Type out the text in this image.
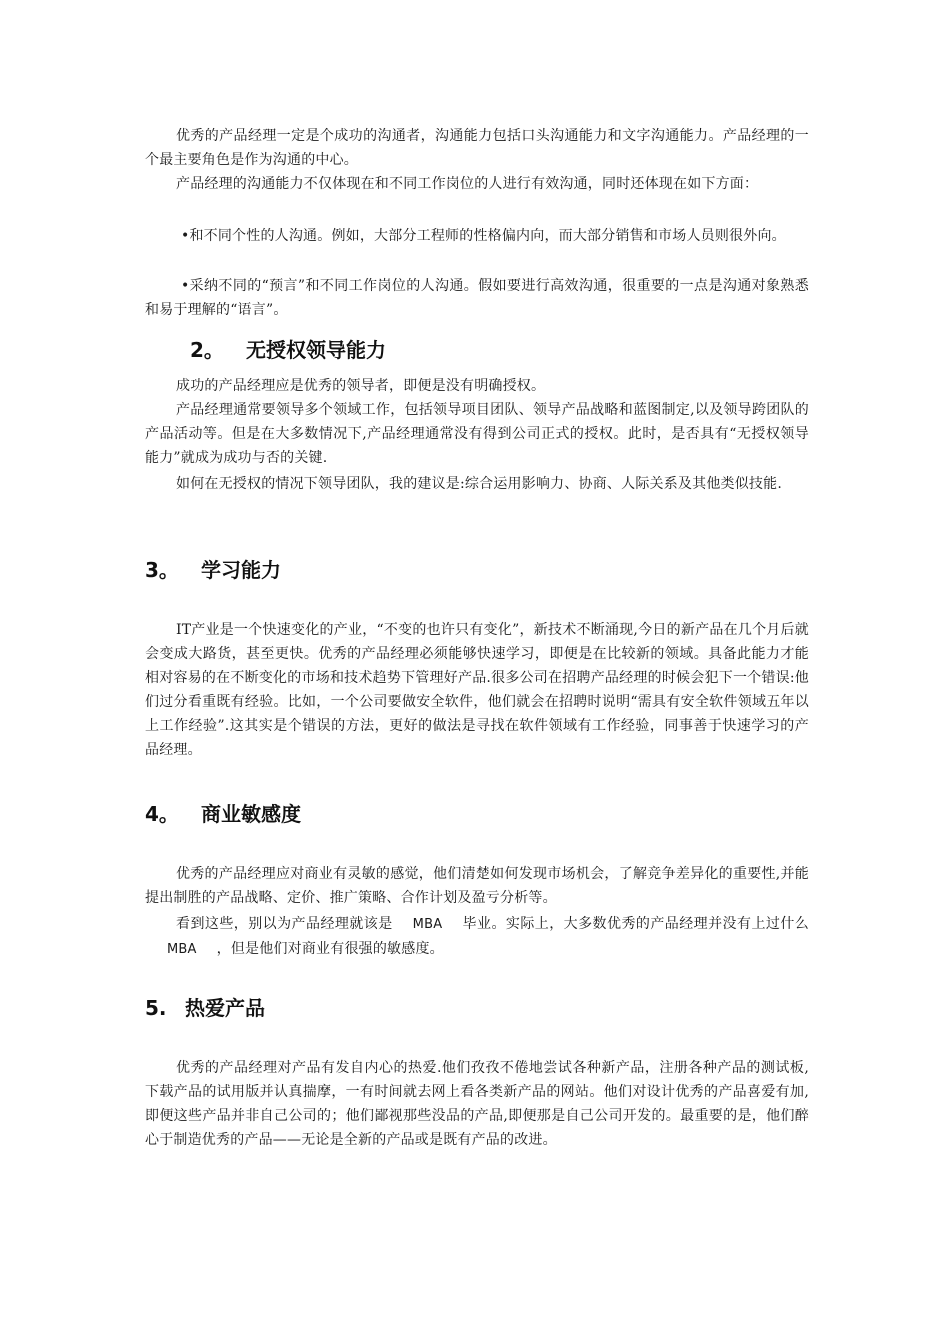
优秀的产品经理一定是个成功的沟通者，沟通能力包括口头沟通能力和文字沟通能力。产品经理的一个最主要角色是作为沟通的中心。

产品经理的沟通能力不仅体现在和不同工作岗位的人进行有效沟通，同时还体现在如下方面：

•和不同个性的人沟通。例如，大部分工程师的性格偏内向，而大部分销售和市场人员则很外向。

•采纳不同的“预言”和不同工作岗位的人沟通。假如要进行高效沟通，很重要的一点是沟通对象熟悉和易于理解的“语言”。

2。 无授权领导能力

成功的产品经理应是优秀的领导者，即便是没有明确授权。

产品经理通常要领导多个领域工作，包括领导项目团队、领导产品战略和蓝图制定,以及领导跨团队的产品活动等。但是在大多数情况下,产品经理通常没有得到公司正式的授权。此时，是否具有“无授权领导能力”就成为成功与否的关键.

如何在无授权的情况下领导团队，我的建议是:综合运用影响力、协商、人际关系及其他类似技能.

3。 学习能力

IT产业是一个快速变化的产业，“不变的也许只有变化”，新技术不断涌现,今日的新产品在几个月后就会变成大路货，甚至更快。优秀的产品经理必须能够快速学习，即便是在比较新的领域。具备此能力才能相对容易的在不断变化的市场和技术趋势下管理好产品.很多公司在招聘产品经理的时候会犯下一个错误:他们过分看重既有经验。比如，一个公司要做安全软件，他们就会在招聘时说明“需具有安全软件领域五年以上工作经验”.这其实是个错误的方法，更好的做法是寻找在软件领域有工作经验，同事善于快速学习的产品经理。

4。 商业敏感度

优秀的产品经理应对商业有灵敏的感觉，他们清楚如何发现市场机会，了解竞争差异化的重要性,并能提出制胜的产品战略、定价、推广策略、合作计划及盈亏分析等。

看到这些，别以为产品经理就该是 MBA 毕业。实际上，大多数优秀的产品经理并没有上过什么MBA ，但是他们对商业有很强的敏感度。

5. 热爱产品

优秀的产品经理对产品有发自内心的热爱.他们孜孜不倦地尝试各种新产品，注册各种产品的测试板,下载产品的试用版并认真揣摩，一有时间就去网上看各类新产品的网站。他们对设计优秀的产品喜爱有加,即便这些产品并非自己公司的；他们鄙视那些没品的产品,即便那是自己公司开发的。最重要的是，他们醉心于制造优秀的产品——无论是全新的产品或是既有产品的改进。
